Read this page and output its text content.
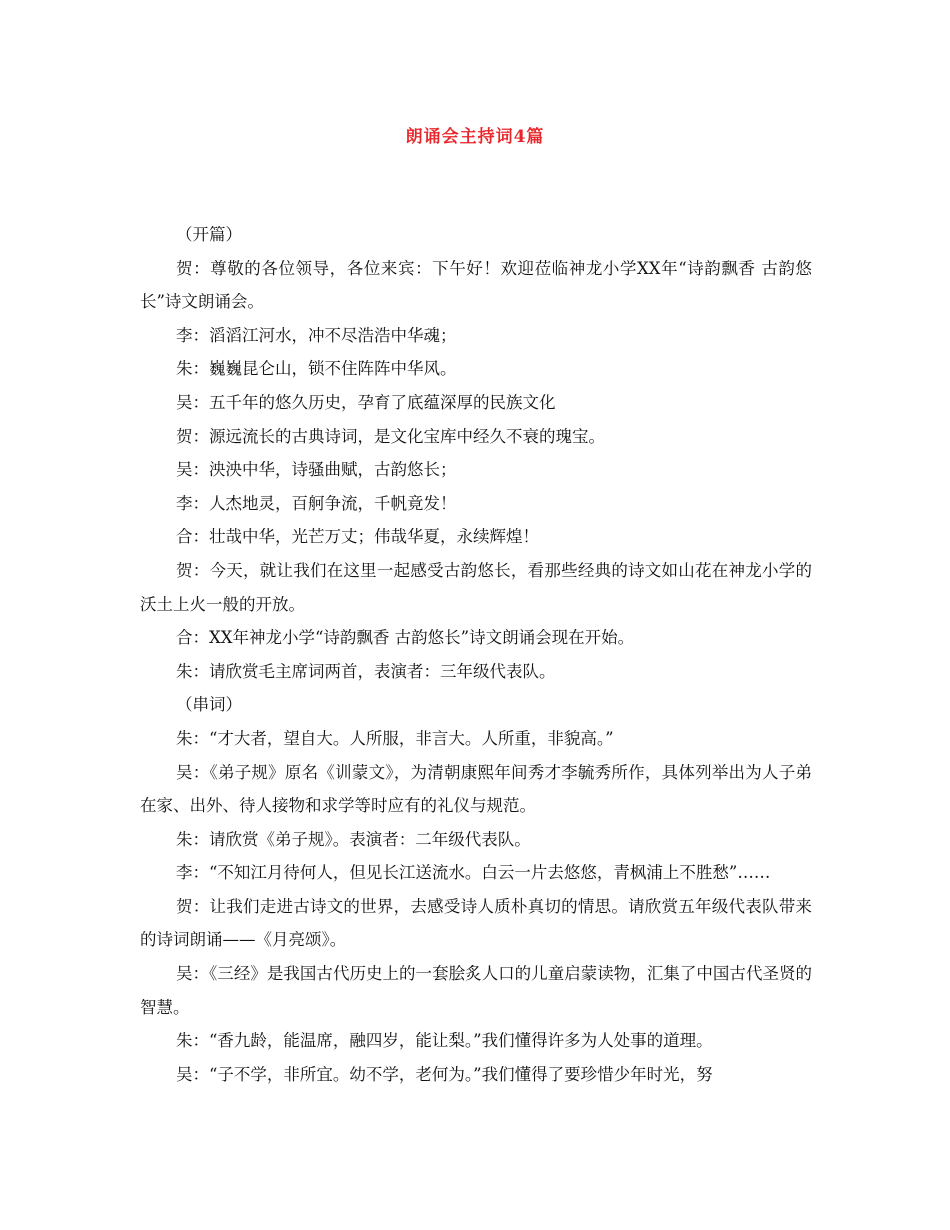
朗诵会主持词4篇

（开篇）

贺：尊敬的各位领导，各位来宾：下午好！欢迎莅临神龙小学XX年“诗韵飘香 古韵悠长”诗文朗诵会。

李：滔滔江河水，冲不尽浩浩中华魂；

朱：巍巍昆仑山，锁不住阵阵中华风。

吴：五千年的悠久历史，孕育了底蕴深厚的民族文化

贺：源远流长的古典诗词，是文化宝库中经久不衰的瑰宝。

吴：泱泱中华，诗骚曲赋，古韵悠长；

李：人杰地灵，百舸争流，千帆竟发！

合：壮哉中华，光芒万丈；伟哉华夏，永续辉煌！

贺：今天，就让我们在这里一起感受古韵悠长，看那些经典的诗文如山花在神龙小学的沃土上火一般的开放。

合：XX年神龙小学“诗韵飘香 古韵悠长”诗文朗诵会现在开始。

朱：请欣赏毛主席词两首，表演者：三年级代表队。

（串词）

朱：“才大者，望自大。人所服，非言大。人所重，非貌高。”

吴：《弟子规》原名《训蒙文》，为清朝康熙年间秀才李毓秀所作，具体列举出为人子弟在家、出外、待人接物和求学等时应有的礼仪与规范。

朱：请欣赏《弟子规》。表演者：二年级代表队。

李：“不知江月待何人，但见长江送流水。白云一片去悠悠，青枫浦上不胜愁”……

贺：让我们走进古诗文的世界，去感受诗人质朴真切的情思。请欣赏五年级代表队带来的诗词朗诵——《月亮颂》。

吴：《三经》是我国古代历史上的一套脍炙人口的儿童启蒙读物，汇集了中国古代圣贤的智慧。

朱：“香九龄，能温席，融四岁，能让梨。”我们懂得许多为人处事的道理。

吴：“子不学，非所宜。幼不学，老何为。”我们懂得了要珍惜少年时光，努
